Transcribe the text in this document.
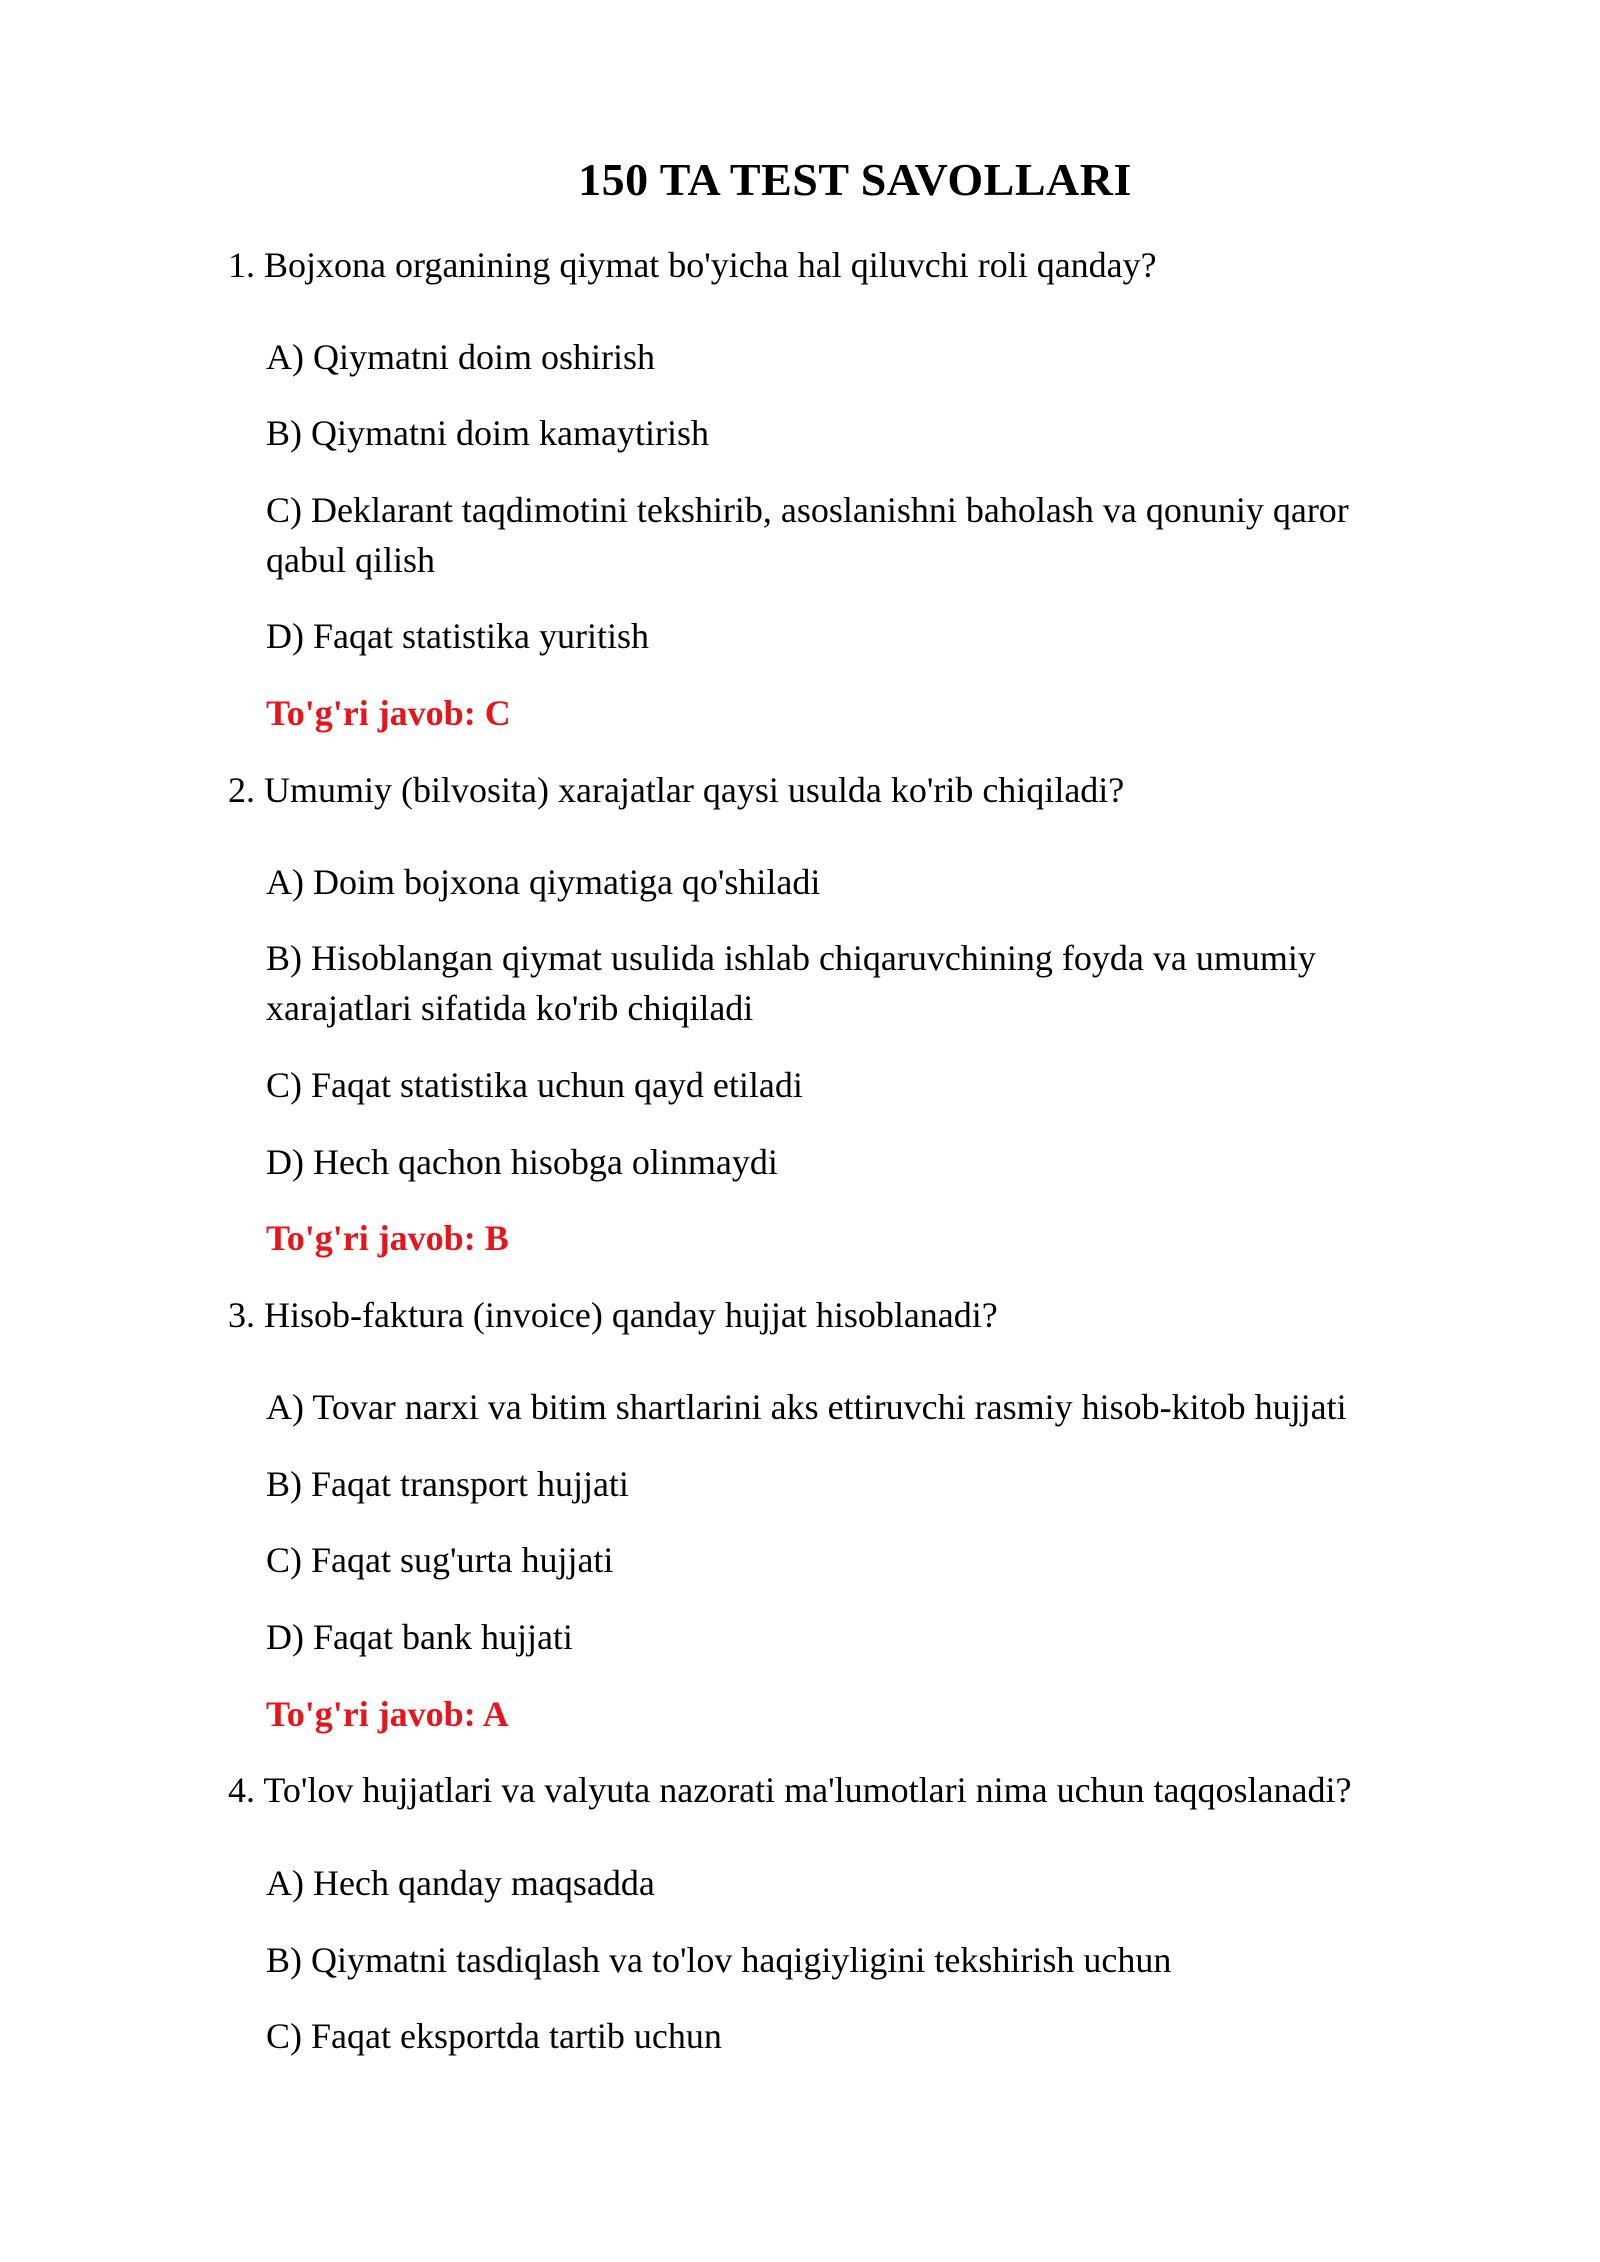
150 TA TEST SAVOLLARI

1. Bojxona organining qiymat bo'yicha hal qiluvchi roli qanday?

A) Qiymatni doim oshirish

B) Qiymatni doim kamaytirish

C) Deklarant taqdimotini tekshirib, asoslanishni baholash va qonuniy qaror qabul qilish

D) Faqat statistika yuritish

To'g'ri javob: C

2. Umumiy (bilvosita) xarajatlar qaysi usulda ko'rib chiqiladi?

A) Doim bojxona qiymatiga qo'shiladi

B) Hisoblangan qiymat usulida ishlab chiqaruvchining foyda va umumiy xarajatlari sifatida ko'rib chiqiladi

C) Faqat statistika uchun qayd etiladi

D) Hech qachon hisobga olinmaydi

To'g'ri javob: B

3. Hisob-faktura (invoice) qanday hujjat hisoblanadi?

A) Tovar narxi va bitim shartlarini aks ettiruvchi rasmiy hisob-kitob hujjati

B) Faqat transport hujjati

C) Faqat sug'urta hujjati

D) Faqat bank hujjati

To'g'ri javob: A

4. To'lov hujjatlari va valyuta nazorati ma'lumotlari nima uchun taqqoslanadi?

A) Hech qanday maqsadda

B) Qiymatni tasdiqlash va to'lov haqigiyligini tekshirish uchun

C) Faqat eksportda tartib uchun
